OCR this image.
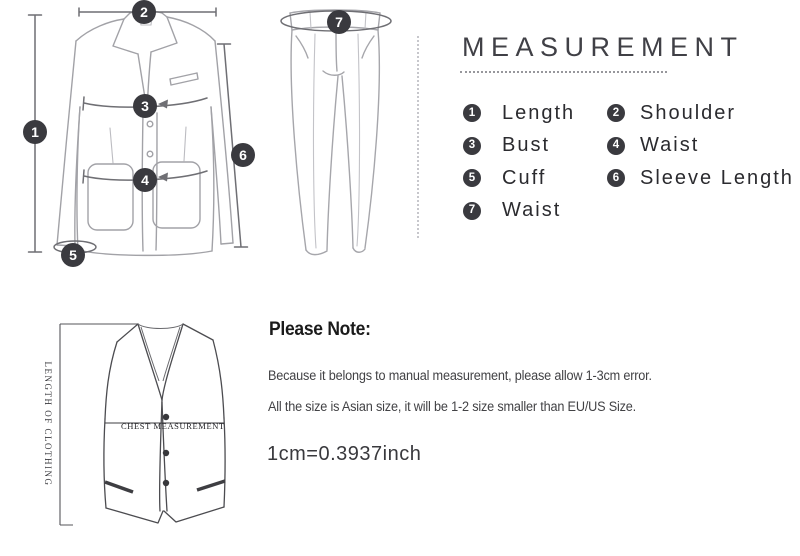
1
2
3
4
5
6
7
MEASUREMENT
1 Length	2 Shoulder
3 Bust	4 Waist
5 Cuff	6 Sleeve Length
7 Waist
LENGTH OF CLOTHING	CHEST MEASUREMENT
Please Note:

Because it belongs to manual measurement, please allow 1-3cm error.

All the size is Asian size, it will be 1-2 size smaller than EU/US Size.

1cm=0.3937inch
